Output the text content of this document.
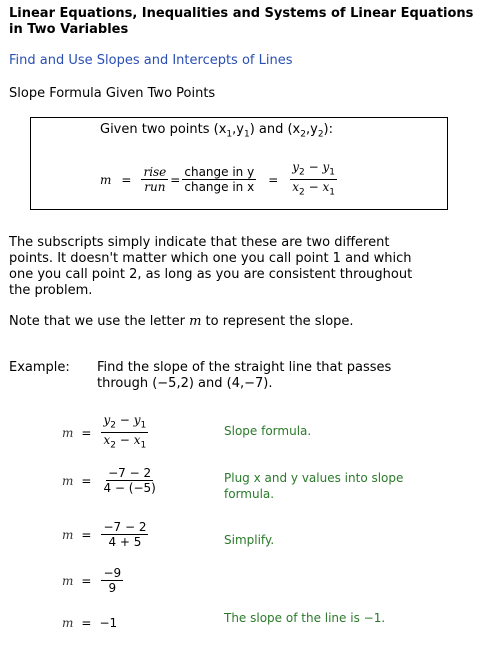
Linear Equations, Inequalities and Systems of Linear Equations in Two Variables
Find and Use Slopes and Intercepts of Lines
Slope Formula Given Two Points
Given two points $(x_1,y_1)$ and $(x_2,y_2)$:
$m = \frac{\text{rise}}{\text{run}} = \frac{\text{change in y}}{\text{change in x}} = \frac{y_2 - y_1}{x_2 - x_1}$
The subscripts simply indicate that these are two different points. It doesn't matter which one you call point 1 and which one you call point 2, as long as you are consistent throughout the problem.
Note that we use the letter m to represent the slope.
Example: Find the slope of the straight line that passes through (−5,2) and (4,−7).
$m = \frac{y_2 - y_1}{x_2 - x_1}$	Slope formula.
$m = \frac{-7 - 2}{4 - (-5)}$	Plug x and y values into slope formula.
$m = \frac{-7 - 2}{4 + 5}$	Simplify.
$m = \frac{-9}{9}$
m = −1	The slope of the line is −1.
